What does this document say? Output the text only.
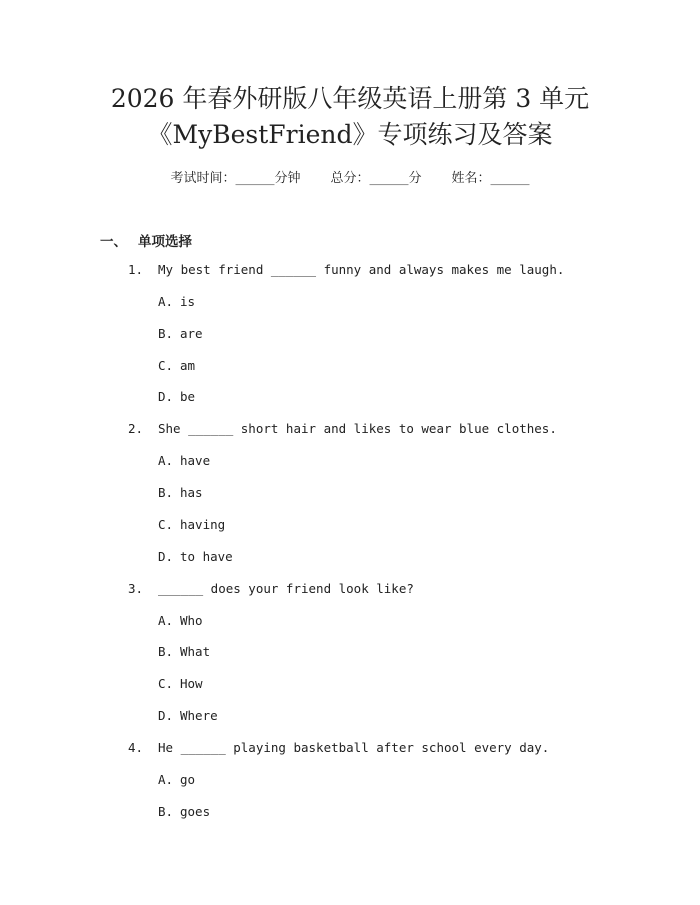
2026 年春外研版八年级英语上册第 3 单元
《MyBestFriend》专项练习及答案
考试时间：______分钟 总分：______分 姓名：______
一、 单项选择
1. My best friend ______ funny and always makes me laugh.
A. is
B. are
C. am
D. be
2. She ______ short hair and likes to wear blue clothes.
A. have
B. has
C. having
D. to have
3. ______ does your friend look like?
A. Who
B. What
C. How
D. Where
4. He ______ playing basketball after school every day.
A. go
B. goes
